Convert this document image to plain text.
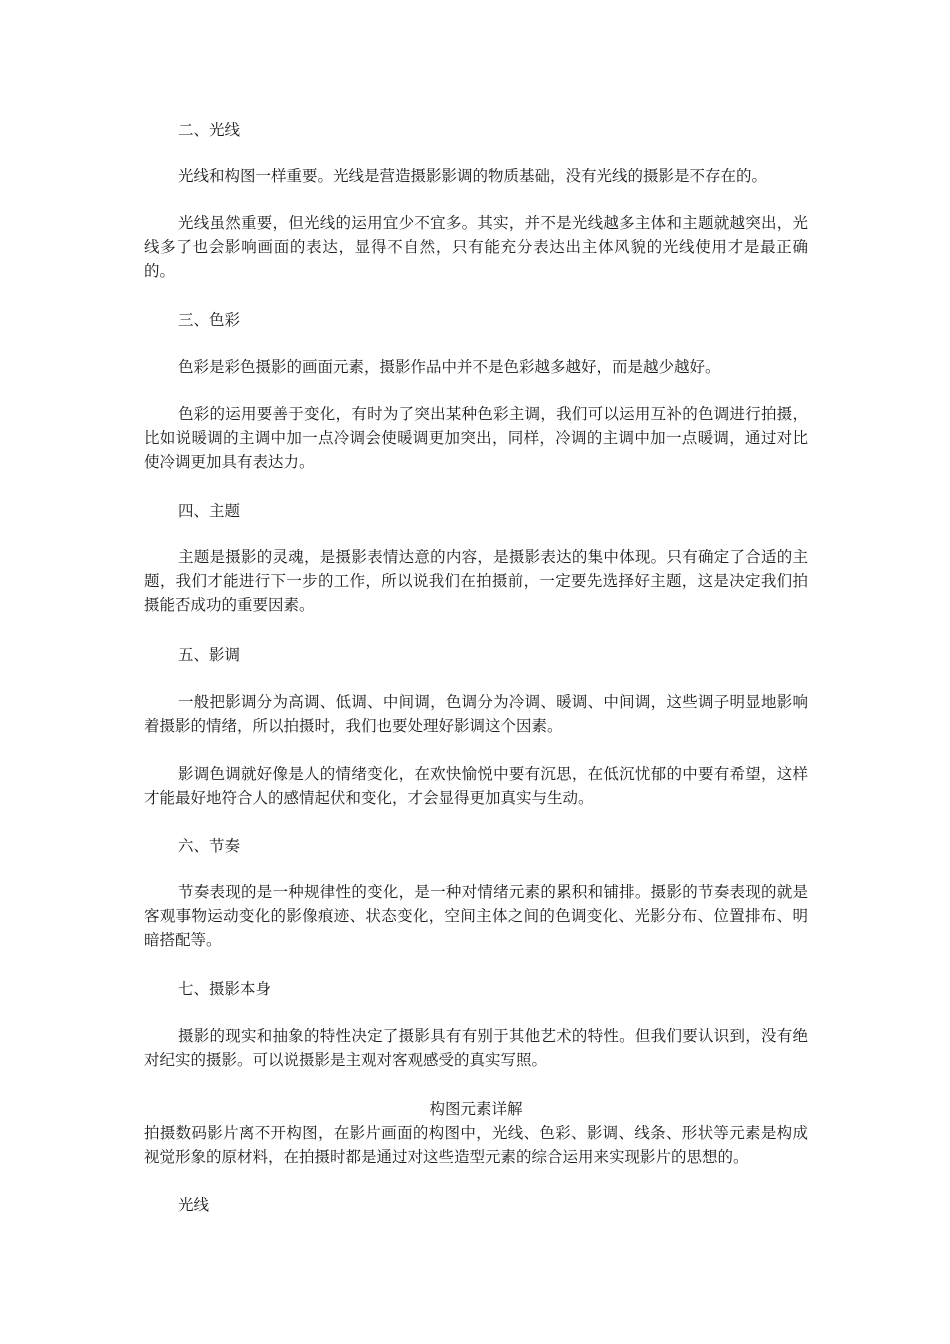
二、光线

光线和构图一样重要。光线是营造摄影影调的物质基础，没有光线的摄影是不存在的。

光线虽然重要，但光线的运用宜少不宜多。其实，并不是光线越多主体和主题就越突出，光线多了也会影响画面的表达，显得不自然，只有能充分表达出主体风貌的光线使用才是最正确的。

三、色彩

色彩是彩色摄影的画面元素，摄影作品中并不是色彩越多越好，而是越少越好。

色彩的运用要善于变化，有时为了突出某种色彩主调，我们可以运用互补的色调进行拍摄，比如说暖调的主调中加一点冷调会使暖调更加突出，同样，冷调的主调中加一点暖调，通过对比使冷调更加具有表达力。

四、主题

主题是摄影的灵魂，是摄影表情达意的内容，是摄影表达的集中体现。只有确定了合适的主题，我们才能进行下一步的工作，所以说我们在拍摄前，一定要先选择好主题，这是决定我们拍摄能否成功的重要因素。

五、影调

一般把影调分为高调、低调、中间调，色调分为冷调、暖调、中间调，这些调子明显地影响着摄影的情绪，所以拍摄时，我们也要处理好影调这个因素。

影调色调就好像是人的情绪变化，在欢快愉悦中要有沉思，在低沉忧郁的中要有希望，这样才能最好地符合人的感情起伏和变化，才会显得更加真实与生动。

六、节奏

节奏表现的是一种规律性的变化，是一种对情绪元素的累积和铺排。摄影的节奏表现的就是客观事物运动变化的影像痕迹、状态变化，空间主体之间的色调变化、光影分布、位置排布、明暗搭配等。

七、摄影本身

摄影的现实和抽象的特性决定了摄影具有有别于其他艺术的特性。但我们要认识到，没有绝对纪实的摄影。可以说摄影是主观对客观感受的真实写照。

构图元素详解

拍摄数码影片离不开构图，在影片画面的构图中，光线、色彩、影调、线条、形状等元素是构成视觉形象的原材料，在拍摄时都是通过对这些造型元素的综合运用来实现影片的思想的。

光线
